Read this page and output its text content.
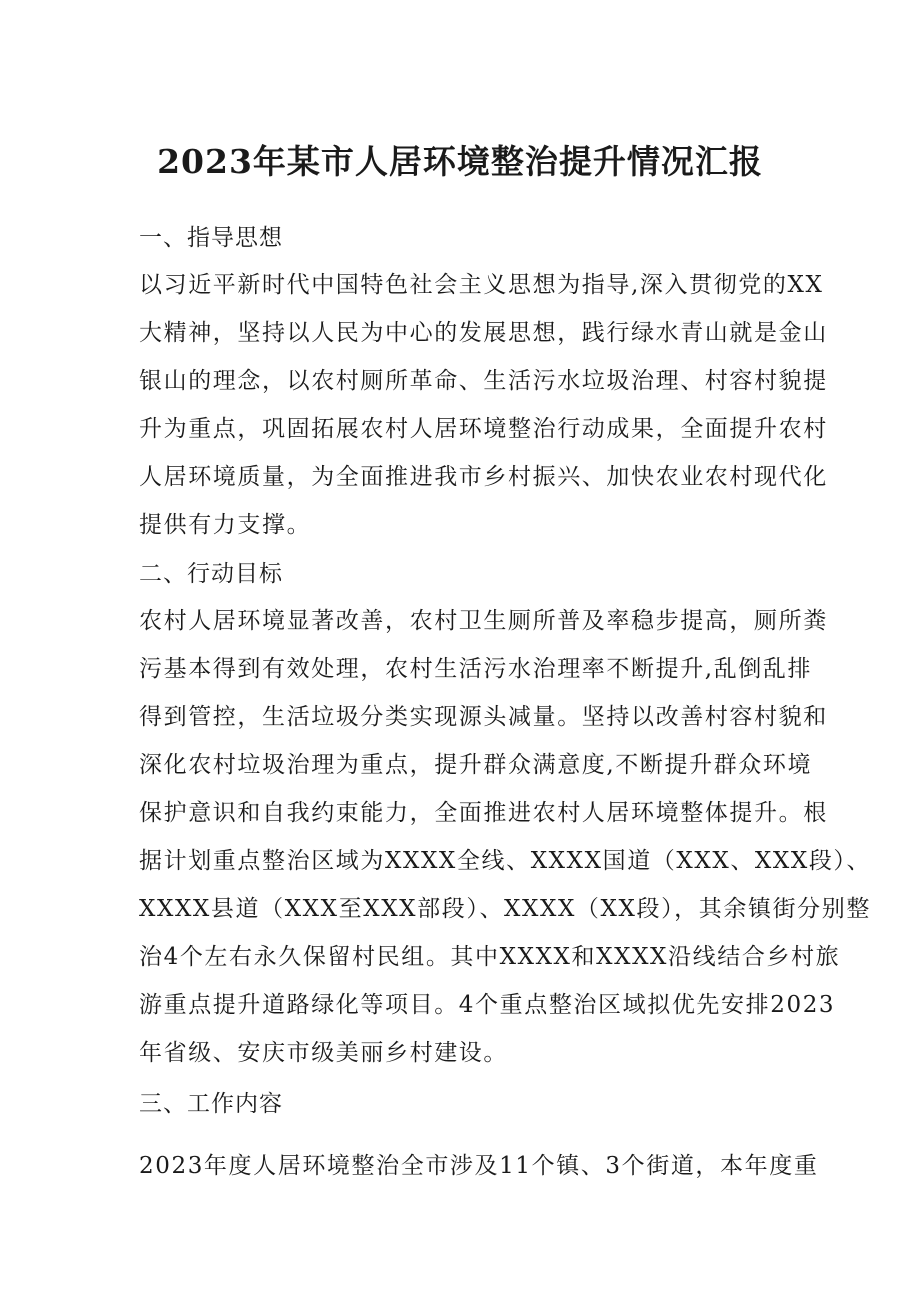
2023年某市人居环境整治提升情况汇报
一、指导思想
以习近平新时代中国特色社会主义思想为指导,深入贯彻党的XX
大精神，坚持以人民为中心的发展思想，践行绿水青山就是金山
银山的理念，以农村厕所革命、生活污水垃圾治理、村容村貌提
升为重点，巩固拓展农村人居环境整治行动成果，全面提升农村
人居环境质量，为全面推进我市乡村振兴、加快农业农村现代化
提供有力支撑。
二、行动目标
农村人居环境显著改善，农村卫生厕所普及率稳步提高，厕所粪
污基本得到有效处理，农村生活污水治理率不断提升,乱倒乱排
得到管控，生活垃圾分类实现源头减量。坚持以改善村容村貌和
深化农村垃圾治理为重点，提升群众满意度,不断提升群众环境
保护意识和自我约束能力，全面推进农村人居环境整体提升。根
据计划重点整治区域为XXXX全线、XXXX国道（XXX、XXX段）、
XXXX县道（XXX至XXX部段）、XXXX（XX段），其余镇街分别整
治4个左右永久保留村民组。其中XXXX和XXXX沿线结合乡村旅
游重点提升道路绿化等项目。4个重点整治区域拟优先安排2023
年省级、安庆市级美丽乡村建设。
三、工作内容
2023年度人居环境整治全市涉及11个镇、3个街道，本年度重
